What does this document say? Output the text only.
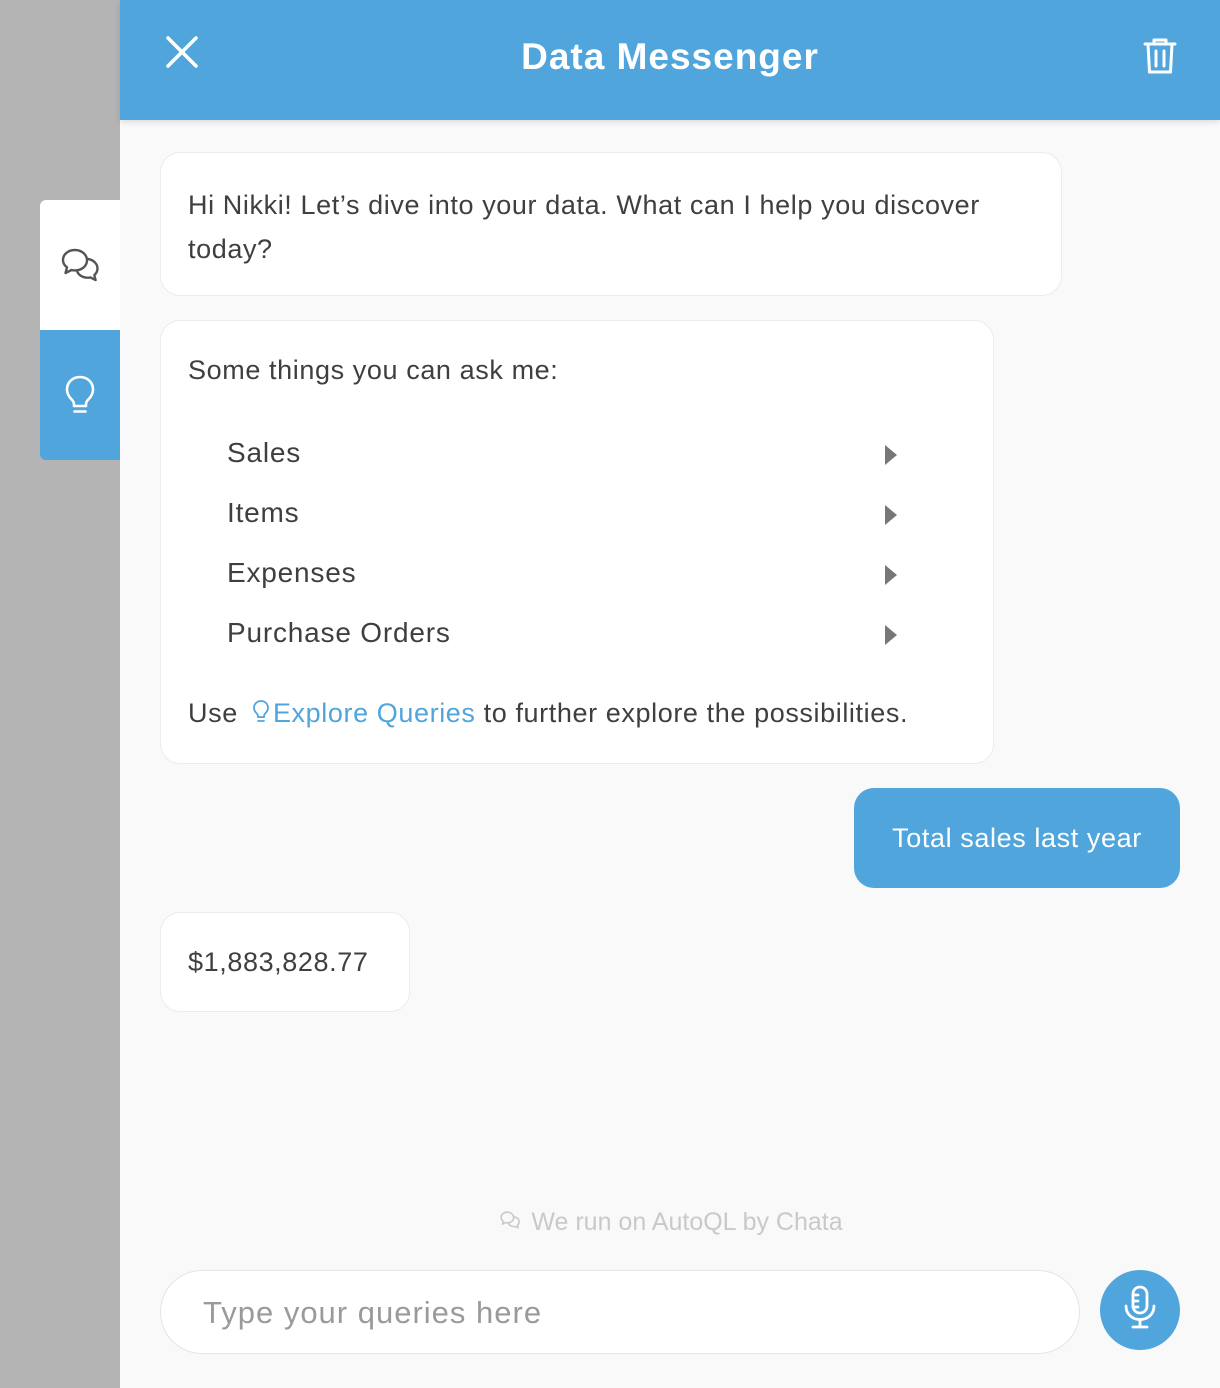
Data Messenger
Hi Nikki! Let’s dive into your data. What can I help you discover today?
Some things you can ask me:
Sales
Items
Expenses
Purchase Orders
Use Explore Queries to further explore the possibilities.
Total sales last year
$1,883,828.77
We run on AutoQL by Chata
Type your queries here
